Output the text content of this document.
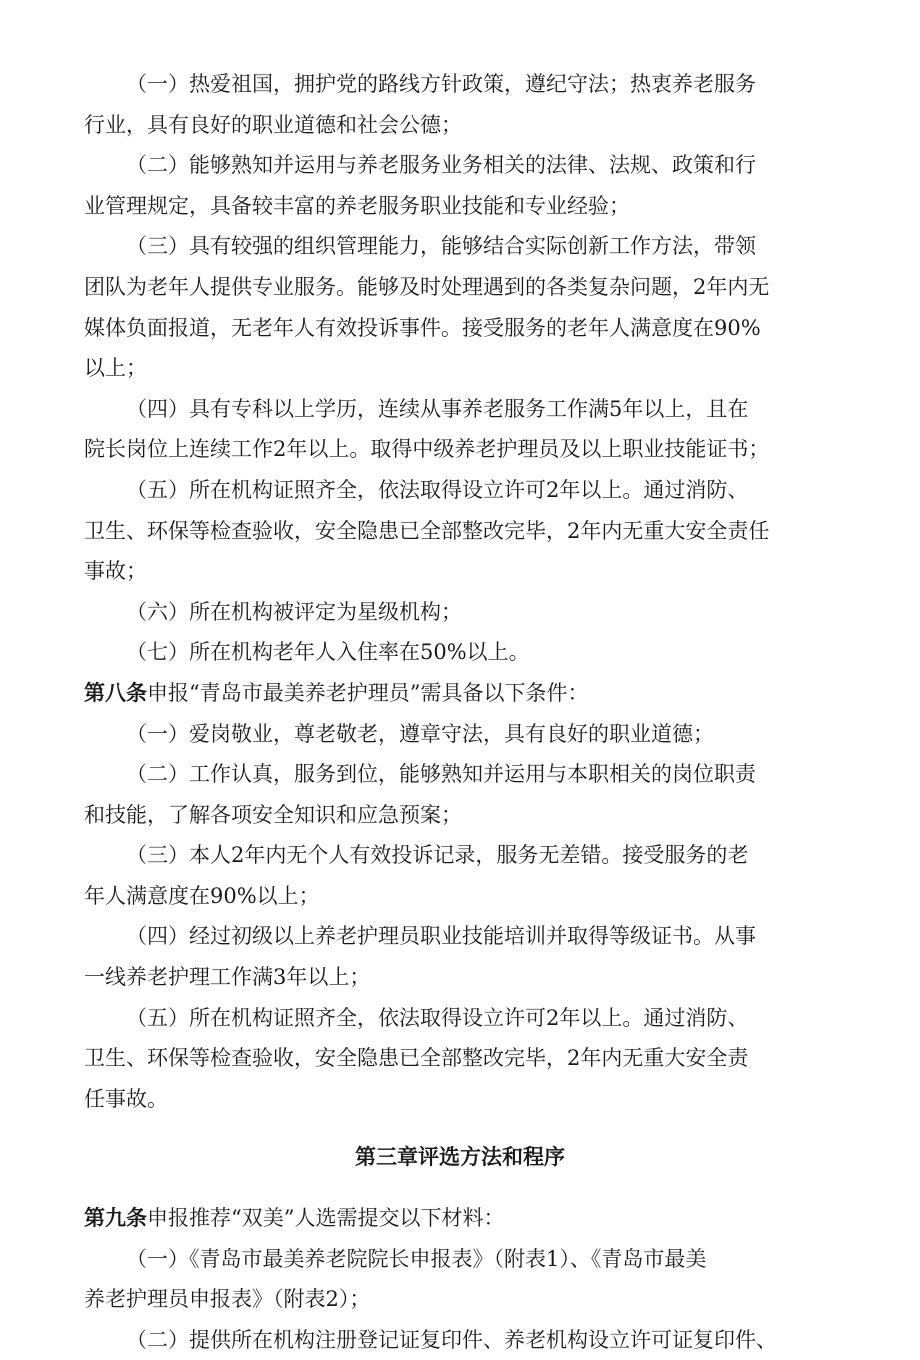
（一）热爱祖国，拥护党的路线方针政策，遵纪守法；热衷养老服务
行业，具有良好的职业道德和社会公德；
（二）能够熟知并运用与养老服务业务相关的法律、法规、政策和行
业管理规定，具备较丰富的养老服务职业技能和专业经验；
（三）具有较强的组织管理能力，能够结合实际创新工作方法，带领
团队为老年人提供专业服务。能够及时处理遇到的各类复杂问题，2年内无
媒体负面报道，无老年人有效投诉事件。接受服务的老年人满意度在90%
以上；
（四）具有专科以上学历，连续从事养老服务工作满5年以上，且在
院长岗位上连续工作2年以上。取得中级养老护理员及以上职业技能证书；
（五）所在机构证照齐全，依法取得设立许可2年以上。通过消防、
卫生、环保等检查验收，安全隐患已全部整改完毕，2年内无重大安全责任
事故；
（六）所在机构被评定为星级机构；
（七）所在机构老年人入住率在50%以上。
第八条申报“青岛市最美养老护理员”需具备以下条件：
（一）爱岗敬业，尊老敬老，遵章守法，具有良好的职业道德；
（二）工作认真，服务到位，能够熟知并运用与本职相关的岗位职责
和技能，了解各项安全知识和应急预案；
（三）本人2年内无个人有效投诉记录，服务无差错。接受服务的老
年人满意度在90%以上；
（四）经过初级以上养老护理员职业技能培训并取得等级证书。从事
一线养老护理工作满3年以上；
（五）所在机构证照齐全，依法取得设立许可2年以上。通过消防、
卫生、环保等检查验收，安全隐患已全部整改完毕，2年内无重大安全责
任事故。
第三章评选方法和程序
第九条申报推荐“双美”人选需提交以下材料：
（一）《青岛市最美养老院院长申报表》（附表1）、《青岛市最美
养老护理员申报表》（附表2）；
（二）提供所在机构注册登记证复印件、养老机构设立许可证复印件、
